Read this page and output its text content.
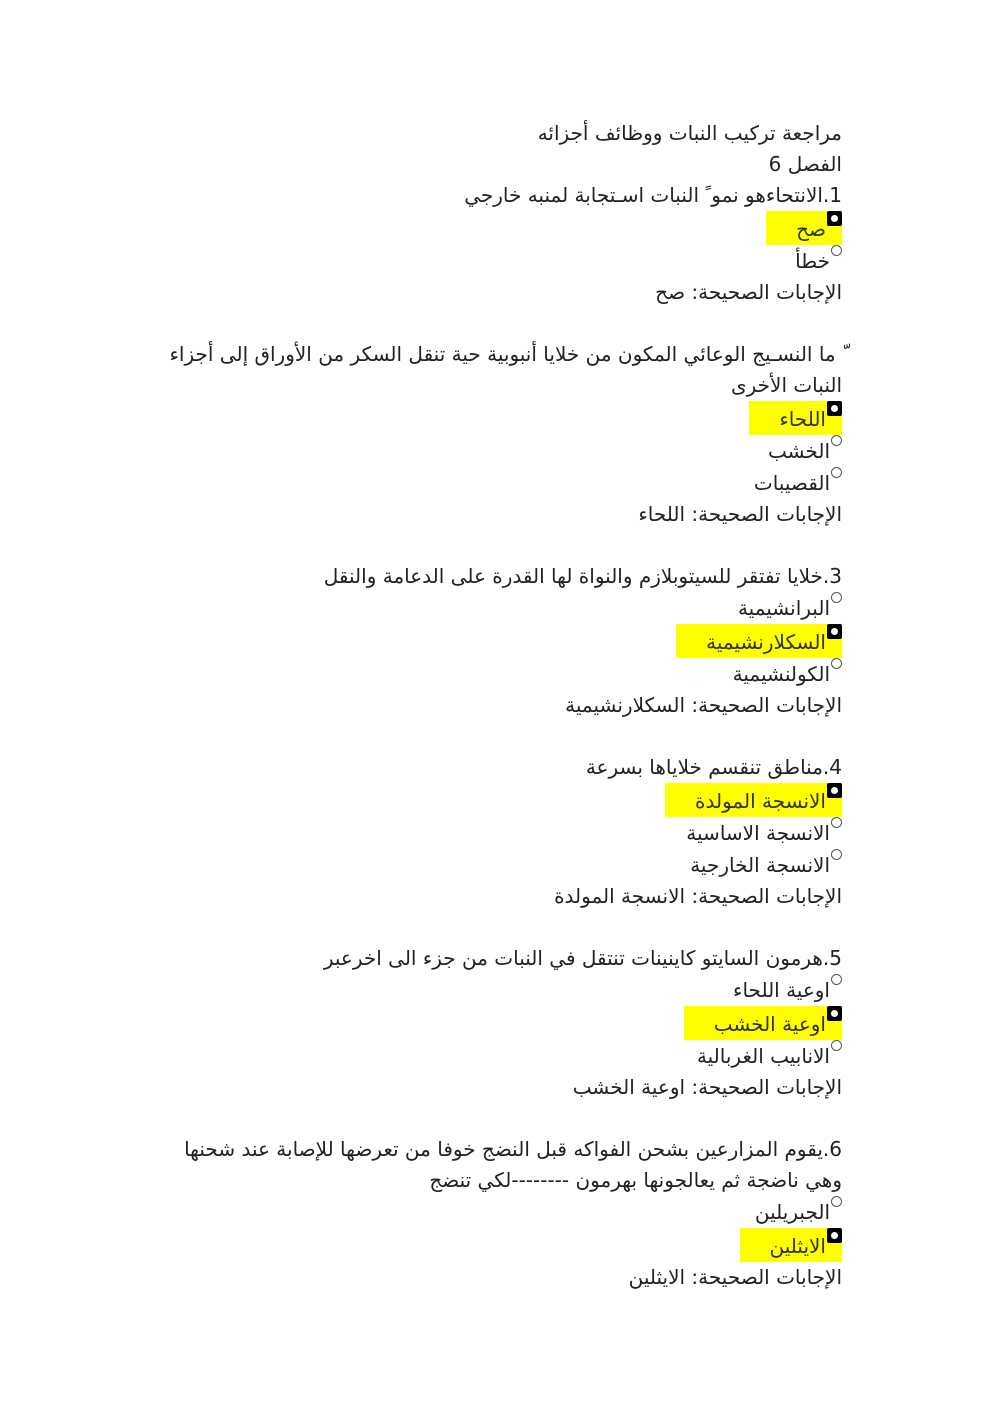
مراجعة تركيب النبات ووظائف أجزائه
الفصل 6
1.الانتحاءهو نمو ً النبات اسـتجابة لمنبه خارجي
صح
خطأ
الإجابات الصحيحة: صح
ّ ما النسـيج الوعائي المكون من خلايا أنبوبية حية تنقل السكر من الأوراق إلى أجزاء النبات الأخرى
اللحاء
الخشب
القصيبات
الإجابات الصحيحة: اللحاء
3.خلايا تفتقر للسيتوبلازم والنواة لها القدرة على الدعامة والنقل
البرانشيمية
السكلارنشيمية
الكولنشيمية
الإجابات الصحيحة: السكلارنشيمية
4.مناطق تنقسم خلاياها بسرعة
الانسجة المولدة
الانسجة الاساسية
الانسجة الخارجية
الإجابات الصحيحة: الانسجة المولدة
5.هرمون السايتو كاينينات تنتقل في النبات من جزء الى اخرعبر
اوعية اللحاء
اوعية الخشب
الانابيب الغربالية
الإجابات الصحيحة: اوعية الخشب
6.يقوم المزارعين بشحن الفواكه قبل النضج خوفا من تعرضها للإصابة عند شحنها وهي ناضجة ثم يعالجونها بهرمون --------لكي تنضج
الجبريلين
الايثلين
الإجابات الصحيحة: الايثلين
